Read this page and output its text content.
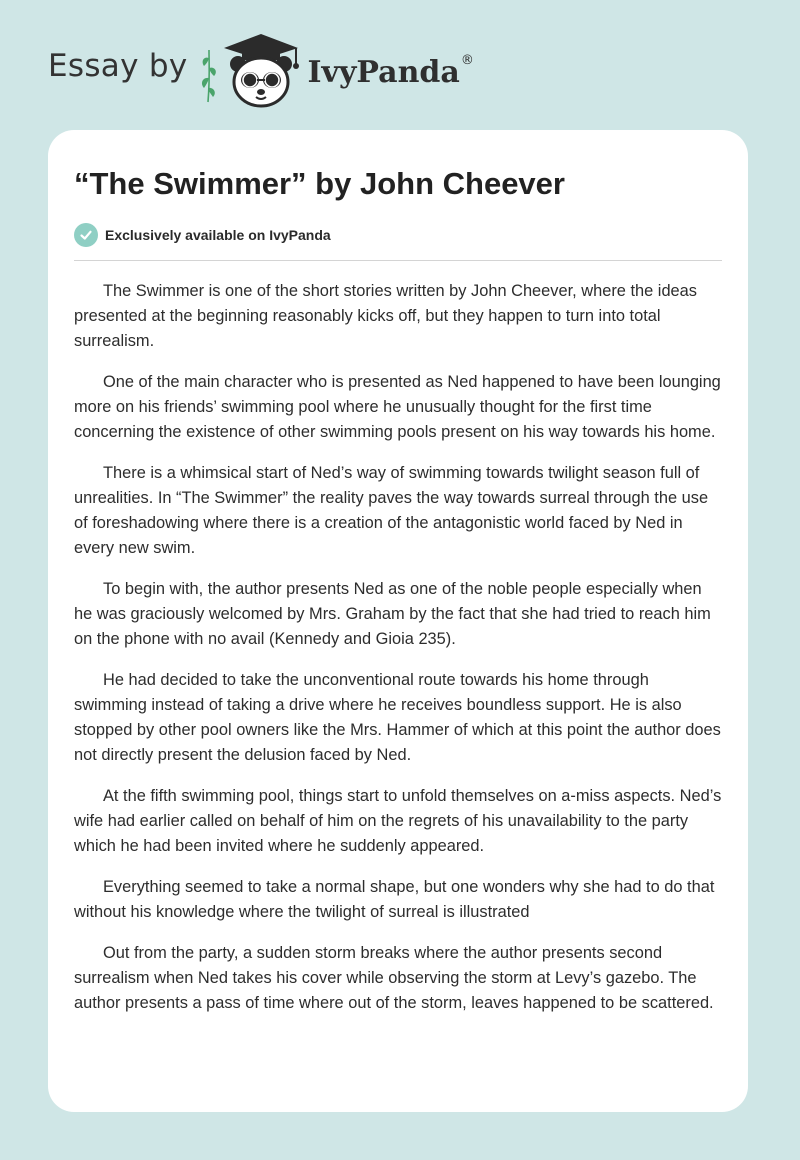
Essay by	IvyPanda ®
“The Swimmer” by John Cheever
Exclusively available on IvyPanda

The Swimmer is one of the short stories written by John Cheever, where the ideas presented at the beginning reasonably kicks off, but they happen to turn into total surrealism.

One of the main character who is presented as Ned happened to have been lounging more on his friends’ swimming pool where he unusually thought for the first time concerning the existence of other swimming pools present on his way towards his home.

There is a whimsical start of Ned’s way of swimming towards twilight season full of unrealities. In “The Swimmer” the reality paves the way towards surreal through the use of foreshadowing where there is a creation of the antagonistic world faced by Ned in every new swim.

To begin with, the author presents Ned as one of the noble people especially when he was graciously welcomed by Mrs. Graham by the fact that she had tried to reach him on the phone with no avail (Kennedy and Gioia 235).

He had decided to take the unconventional route towards his home through swimming instead of taking a drive where he receives boundless support. He is also stopped by other pool owners like the Mrs. Hammer of which at this point the author does not directly present the delusion faced by Ned.

At the fifth swimming pool, things start to unfold themselves on a-miss aspects. Ned’s wife had earlier called on behalf of him on the regrets of his unavailability to the party which he had been invited where he suddenly appeared.

Everything seemed to take a normal shape, but one wonders why she had to do that without his knowledge where the twilight of surreal is illustrated

Out from the party, a sudden storm breaks where the author presents second surrealism when Ned takes his cover while observing the storm at Levy’s gazebo. The author presents a pass of time where out of the storm, leaves happened to be scattered.
